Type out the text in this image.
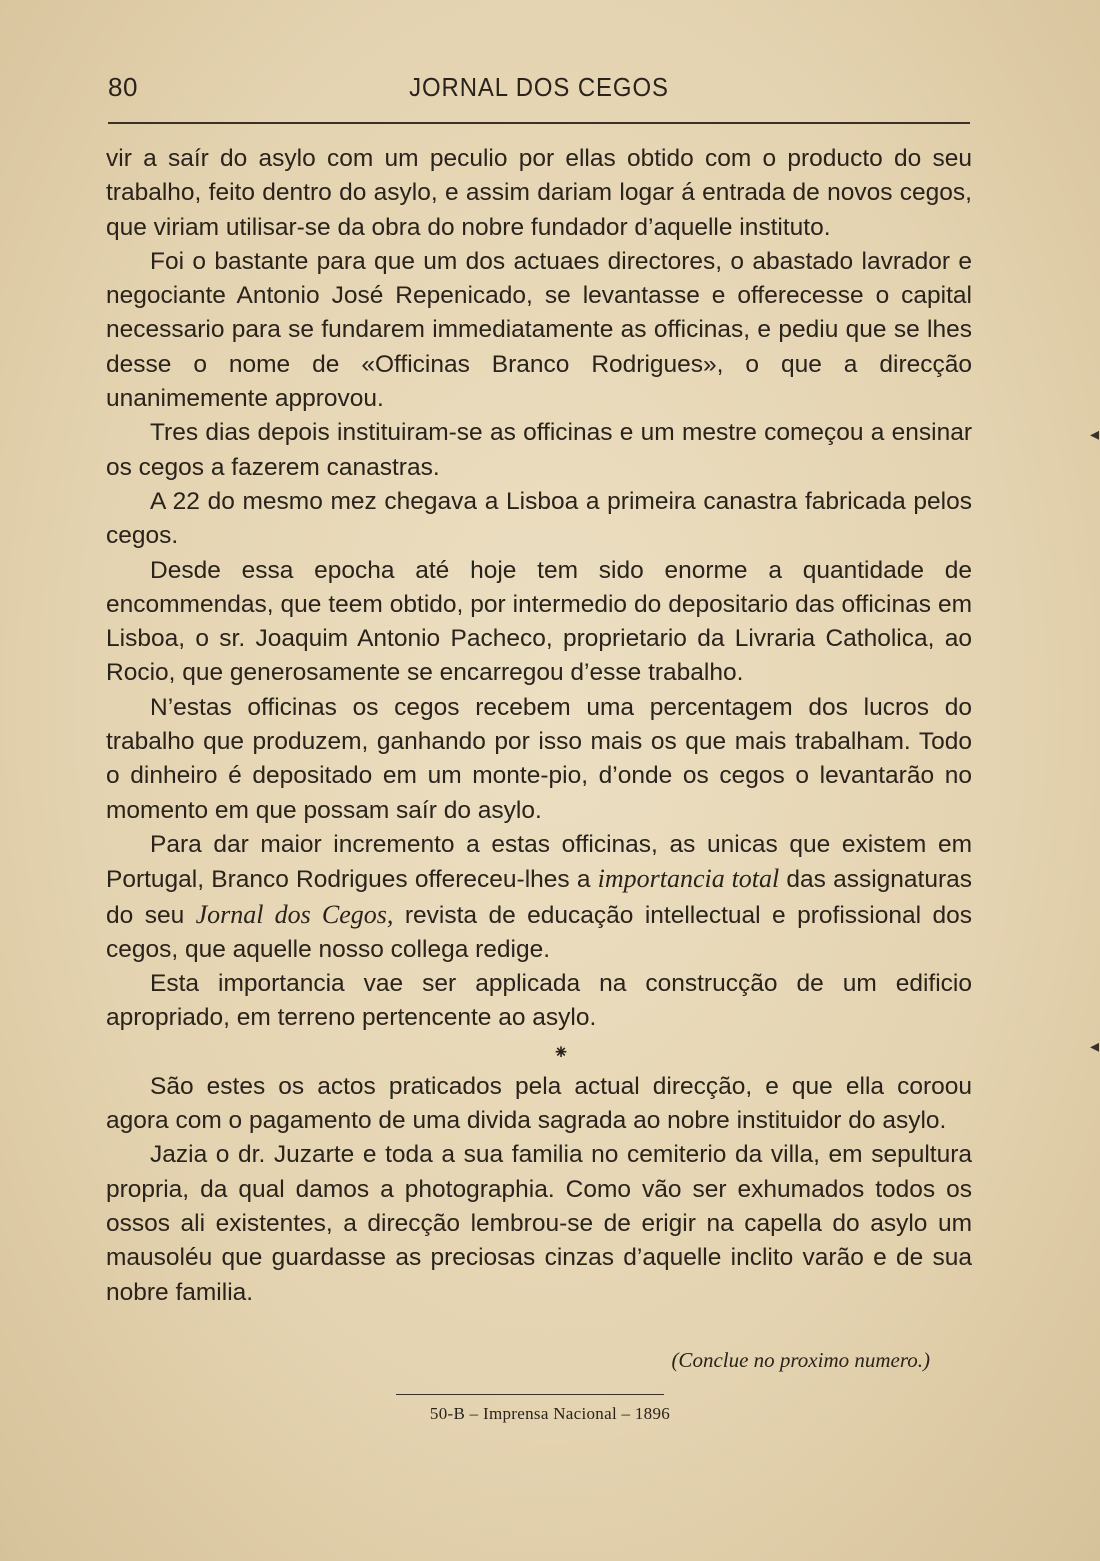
80	JORNAL DOS CEGOS

vir a saír do asylo com um peculio por ellas obtido com o producto do seu trabalho, feito dentro do asylo, e assim dariam logar á entrada de novos cegos, que viriam utilisar-se da obra do nobre fundador d’aquelle instituto.

Foi o bastante para que um dos actuaes directores, o abastado lavrador e negociante Antonio José Repenicado, se levantasse e offerecesse o capital necessario para se fundarem immediatamente as officinas, e pediu que se lhes desse o nome de «Officinas Branco Rodrigues», o que a direcção unanimemente approvou.

Tres dias depois instituiram-se as officinas e um mestre começou a ensinar os cegos a fazerem canastras.

A 22 do mesmo mez chegava a Lisboa a primeira canastra fabricada pelos cegos.

Desde essa epocha até hoje tem sido enorme a quantidade de encommendas, que teem obtido, por intermedio do depositario das officinas em Lisboa, o sr. Joaquim Antonio Pacheco, proprietario da Livraria Catholica, ao Rocio, que generosamente se encarregou d’esse trabalho.

N’estas officinas os cegos recebem uma percentagem dos lucros do trabalho que produzem, ganhando por isso mais os que mais trabalham. Todo o dinheiro é depositado em um monte-pio, d’onde os cegos o levantarão no momento em que possam saír do asylo.

Para dar maior incremento a estas officinas, as unicas que existem em Portugal, Branco Rodrigues offereceu-lhes a importancia total das assignaturas do seu Jornal dos Cegos, revista de educação intellectual e profissional dos cegos, que aquelle nosso collega redige.

Esta importancia vae ser applicada na construcção de um edificio apropriado, em terreno pertencente ao asylo.

⁕

São estes os actos praticados pela actual direcção, e que ella coroou agora com o pagamento de uma divida sagrada ao nobre instituidor do asylo.

Jazia o dr. Juzarte e toda a sua familia no cemiterio da villa, em sepultura propria, da qual damos a photographia. Como vão ser exhumados todos os ossos ali existentes, a direcção lembrou-se de erigir na capella do asylo um mausoléu que guardasse as preciosas cinzas d’aquelle inclito varão e de sua nobre familia.

(Conclue no proximo numero.)
50-B – Imprensa Nacional – 1896
◂
◂
